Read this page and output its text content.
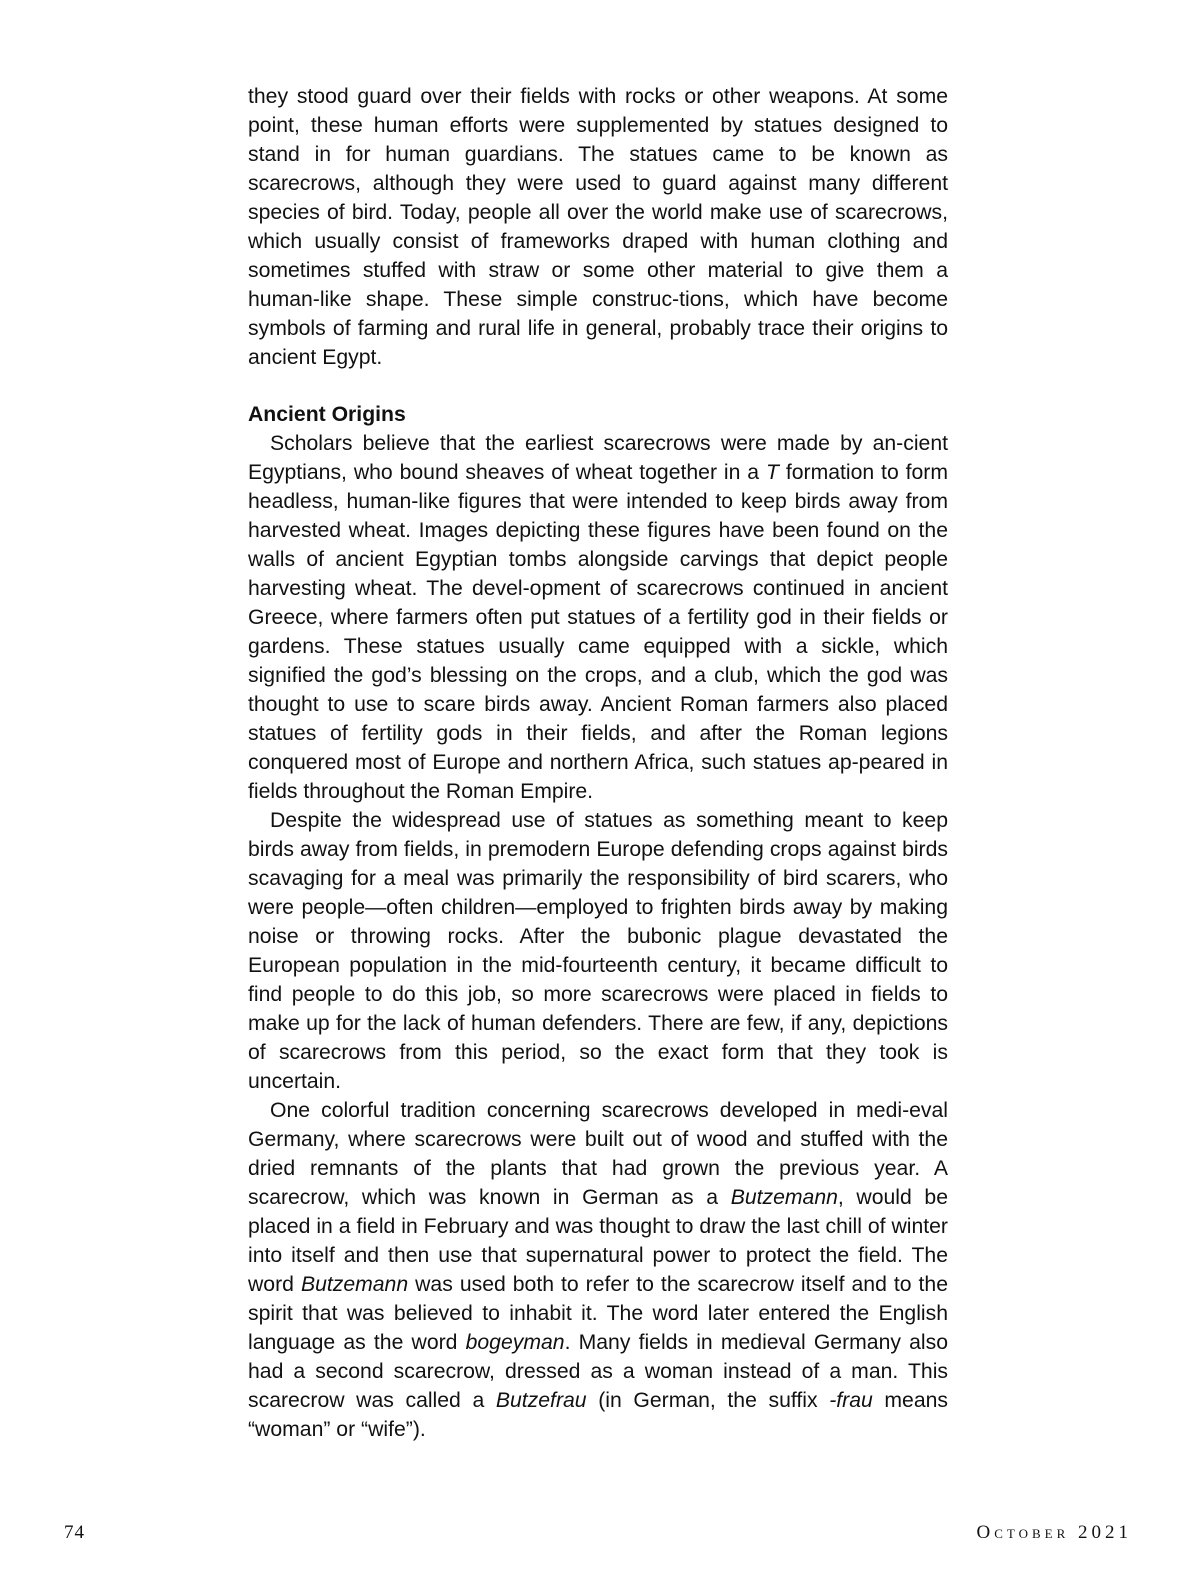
they stood guard over their fields with rocks or other weapons. At some point, these human efforts were supplemented by statues designed to stand in for human guardians. The statues came to be known as scarecrows, although they were used to guard against many different species of bird. Today, people all over the world make use of scarecrows, which usually consist of frameworks draped with human clothing and sometimes stuffed with straw or some other material to give them a human-like shape. These simple construc-tions, which have become symbols of farming and rural life in general, probably trace their origins to ancient Egypt.

Ancient Origins

Scholars believe that the earliest scarecrows were made by an-cient Egyptians, who bound sheaves of wheat together in a T formation to form headless, human-like figures that were intended to keep birds away from harvested wheat. Images depicting these figures have been found on the walls of ancient Egyptian tombs alongside carvings that depict people harvesting wheat. The devel-opment of scarecrows continued in ancient Greece, where farmers often put statues of a fertility god in their fields or gardens. These statues usually came equipped with a sickle, which signified the god’s blessing on the crops, and a club, which the god was thought to use to scare birds away. Ancient Roman farmers also placed statues of fertility gods in their fields, and after the Roman legions conquered most of Europe and northern Africa, such statues ap-peared in fields throughout the Roman Empire.

Despite the widespread use of statues as something meant to keep birds away from fields, in premodern Europe defending crops against birds scavaging for a meal was primarily the responsibility of bird scarers, who were people—often children—employed to frighten birds away by making noise or throwing rocks. After the bubonic plague devastated the European population in the mid-fourteenth century, it became difficult to find people to do this job, so more scarecrows were placed in fields to make up for the lack of human defenders. There are few, if any, depictions of scarecrows from this period, so the exact form that they took is uncertain.

One colorful tradition concerning scarecrows developed in medi-eval Germany, where scarecrows were built out of wood and stuffed with the dried remnants of the plants that had grown the previous year. A scarecrow, which was known in German as a Butzemann, would be placed in a field in February and was thought to draw the last chill of winter into itself and then use that supernatural power to protect the field. The word Butzemann was used both to refer to the scarecrow itself and to the spirit that was believed to inhabit it. The word later entered the English language as the word bogeyman. Many fields in medieval Germany also had a second scarecrow, dressed as a woman instead of a man. This scarecrow was called a Butzefrau (in German, the suffix -frau means “woman” or “wife”).

74	October 2021
